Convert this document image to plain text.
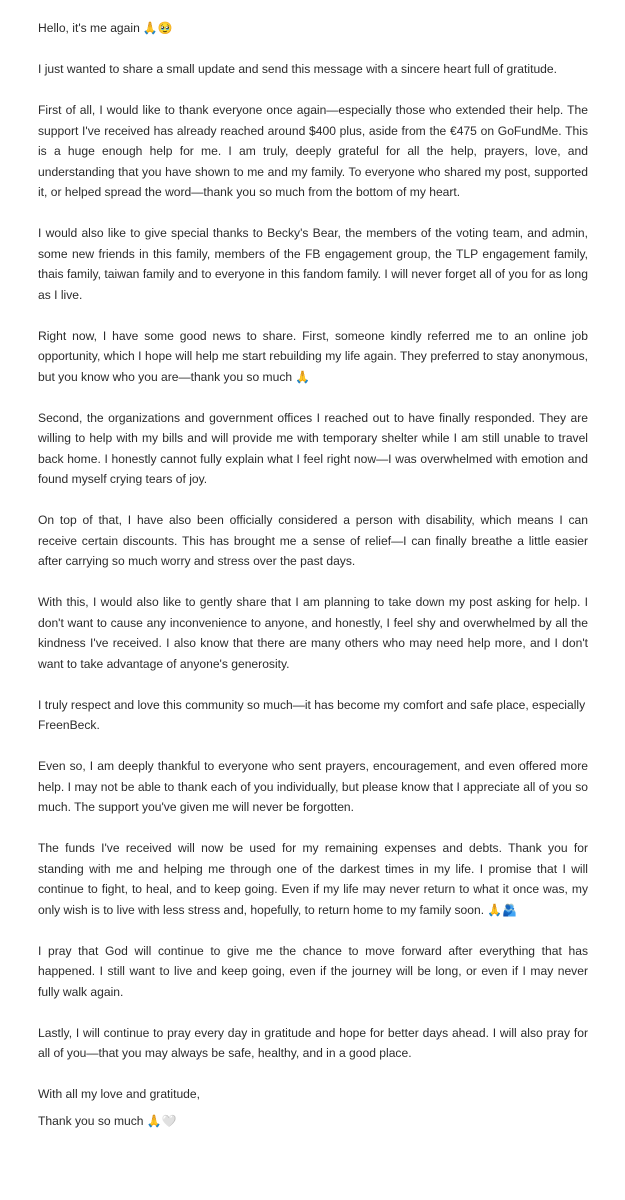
Hello, it's me again 🙏🥹

I just wanted to share a small update and send this message with a sincere heart full of gratitude.

First of all, I would like to thank everyone once again—especially those who extended their help. The support I've received has already reached around $400 plus, aside from the €475 on GoFundMe. This is a huge enough help for me. I am truly, deeply grateful for all the help, prayers, love, and understanding that you have shown to me and my family. To everyone who shared my post, supported it, or helped spread the word—thank you so much from the bottom of my heart.

I would also like to give special thanks to Becky's Bear, the members of the voting team, and admin, some new friends in this family, members of the FB engagement group, the TLP engagement family, thais family, taiwan family and to everyone in this fandom family. I will never forget all of you for as long as I live.

Right now, I have some good news to share. First, someone kindly referred me to an online job opportunity, which I hope will help me start rebuilding my life again. They preferred to stay anonymous, but you know who you are—thank you so much 🙏

Second, the organizations and government offices I reached out to have finally responded. They are willing to help with my bills and will provide me with temporary shelter while I am still unable to travel back home. I honestly cannot fully explain what I feel right now—I was overwhelmed with emotion and found myself crying tears of joy.

On top of that, I have also been officially considered a person with disability, which means I can receive certain discounts. This has brought me a sense of relief—I can finally breathe a little easier after carrying so much worry and stress over the past days.

With this, I would also like to gently share that I am planning to take down my post asking for help. I don't want to cause any inconvenience to anyone, and honestly, I feel shy and overwhelmed by all the kindness I've received. I also know that there are many others who may need help more, and I don't want to take advantage of anyone's generosity.

I truly respect and love this community so much—it has become my comfort and safe place, especially FreenBeck.

Even so, I am deeply thankful to everyone who sent prayers, encouragement, and even offered more help. I may not be able to thank each of you individually, but please know that I appreciate all of you so much. The support you've given me will never be forgotten.

The funds I've received will now be used for my remaining expenses and debts. Thank you for standing with me and helping me through one of the darkest times in my life. I promise that I will continue to fight, to heal, and to keep going. Even if my life may never return to what it once was, my only wish is to live with less stress and, hopefully, to return home to my family soon. 🙏🫂

I pray that God will continue to give me the chance to move forward after everything that has happened. I still want to live and keep going, even if the journey will be long, or even if I may never fully walk again.

Lastly, I will continue to pray every day in gratitude and hope for better days ahead. I will also pray for all of you—that you may always be safe, healthy, and in a good place.

With all my love and gratitude,

Thank you so much 🙏🤍
